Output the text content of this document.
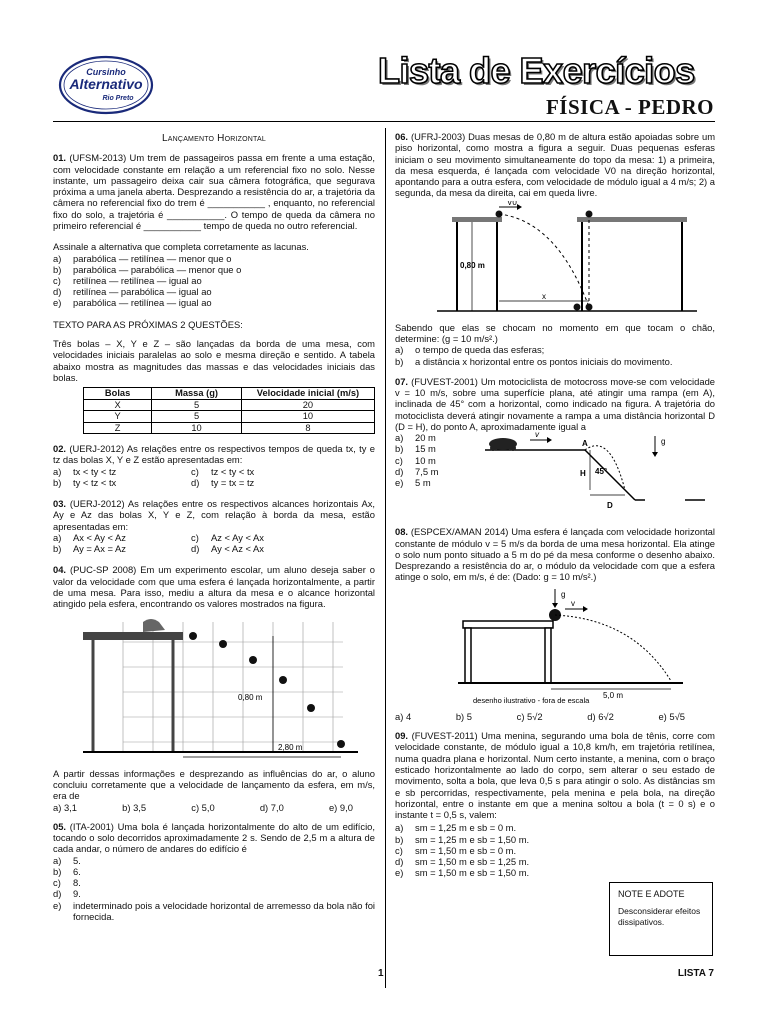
Cursinho
Alternativo
Rio Preto
Lista de Exercícios
FÍSICA - PEDRO
Lançamento Horizontal

01. (UFSM-2013) Um trem de passageiros passa em frente a uma estação, com velocidade constante em relação a um referencial fixo no solo. Nesse instante, um passageiro deixa cair sua câmera fotográfica, que segurava próxima a uma janela aberta. Desprezando a resistência do ar, a trajetória da câmera no referencial fixo do trem é ___________ , enquanto, no referencial fixo do solo, a trajetória é ___________. O tempo de queda da câmera no primeiro referencial é ___________ tempo de queda no outro referencial.

Assinale a alternativa que completa corretamente as lacunas.

a)	parabólica — retilínea — menor que o
b)	parabólica — parabólica — menor que o
c)	retilínea — retilínea — igual ao
d)	retilínea — parabólica — igual ao
e)	parabólica — retilínea — igual ao

TEXTO PARA AS PRÓXIMAS 2 QUESTÕES:

Três bolas – X, Y e Z – são lançadas da borda de uma mesa, com velocidades iniciais paralelas ao solo e mesma direção e sentido. A tabela abaixo mostra as magnitudes das massas e das velocidades iniciais das bolas.

Bolas	Massa (g)	Velocidade inicial (m/s)
X	5	20
Y	5	10
Z	10	8

02. (UERJ-2012) As relações entre os respectivos tempos de queda tx, ty e tz das bolas X, Y e Z estão apresentadas em:

a)	tx < ty < tz	c)	tz < ty < tx
b)	ty < tz < tx	d)	ty = tx = tz

03. (UERJ-2012) As relações entre os respectivos alcances horizontais Ax, Ay e Az das bolas X, Y e Z, com relação à borda da mesa, estão apresentadas em:

a)	Ax < Ay < Az	c)	Az < Ay < Ax
b)	Ay = Ax = Az	d)	Ay < Az < Ax

04. (PUC-SP 2008) Em um experimento escolar, um aluno deseja saber o valor da velocidade com que uma esfera é lançada horizontalmente, a partir de uma mesa. Para isso, mediu a altura da mesa e o alcance horizontal atingido pela esfera, encontrando os valores mostrados na figura.

0,80 m
2,80 m

A partir dessas informações e desprezando as influências do ar, o aluno concluiu corretamente que a velocidade de lançamento da esfera, em m/s, era de

a) 3,1	b) 3,5	c) 5,0	d) 7,0	e) 9,0

05. (ITA-2001) Uma bola é lançada horizontalmente do alto de um edifício, tocando o solo decorridos aproximadamente 2 s. Sendo de 2,5 m a altura de cada andar, o número de andares do edifício é

a)	5.
b)	6.
c)	8.
d)	9.
e)	indeterminado pois a velocidade horizontal de arremesso da bola não foi fornecida.

06. (UFRJ-2003) Duas mesas de 0,80 m de altura estão apoiadas sobre um piso horizontal, como mostra a figura a seguir. Duas pequenas esferas iniciam o seu movimento simultaneamente do topo da mesa: 1) a primeira, da mesa esquerda, é lançada com velocidade V0 na direção horizontal, apontando para a outra esfera, com velocidade de módulo igual a 4 m/s; 2) a segunda, da mesa da direita, cai em queda livre.

V0
0,80 m
x

Sabendo que elas se chocam no momento em que tocam o chão, determine: (g = 10 m/s².)

a)	o tempo de queda das esferas;
b)	a distância x horizontal entre os pontos iniciais do movimento.

07. (FUVEST-2001) Um motociclista de motocross move-se com velocidade v = 10 m/s, sobre uma superfície plana, até atingir uma rampa (em A), inclinada de 45° com a horizontal, como indicado na figura. A trajetória do motociclista deverá atingir novamente a rampa a uma distância horizontal D (D = H), do ponto A, aproximadamente igual a

a)	20 m
b)	15 m
c)	10 m
d)	7,5 m
e)	5 m
v
A
H 45°
D
g

08. (ESPCEX/AMAN 2014) Uma esfera é lançada com velocidade horizontal constante de módulo v = 5 m/s da borda de uma mesa horizontal. Ela atinge o solo num ponto situado a 5 m do pé da mesa conforme o desenho abaixo. Desprezando a resistência do ar, o módulo da velocidade com que a esfera atinge o solo, em m/s, é de: (Dado: g = 10 m/s².)

g
v
5,0 m
desenho ilustrativo - fora de escala
a) 4	b) 5	c) 5√2	d) 6√2	e) 5√5

09. (FUVEST-2011) Uma menina, segurando uma bola de tênis, corre com velocidade constante, de módulo igual a 10,8 km/h, em trajetória retilínea, numa quadra plana e horizontal. Num certo instante, a menina, com o braço esticado horizontalmente ao lado do corpo, sem alterar o seu estado de movimento, solta a bola, que leva 0,5 s para atingir o solo. As distâncias sm e sb percorridas, respectivamente, pela menina e pela bola, na direção horizontal, entre o instante em que a menina soltou a bola (t = 0 s) e o instante t = 0,5 s, valem:

a)	sm = 1,25 m e sb = 0 m.
b)	sm = 1,25 m e sb = 1,50 m.
c)	sm = 1,50 m e sb = 0 m.
d)	sm = 1,50 m e sb = 1,25 m.
e)	sm = 1,50 m e sb = 1,50 m.
NOTE E ADOTE
Desconsiderar efeitos dissipativos.
1	LISTA 7
